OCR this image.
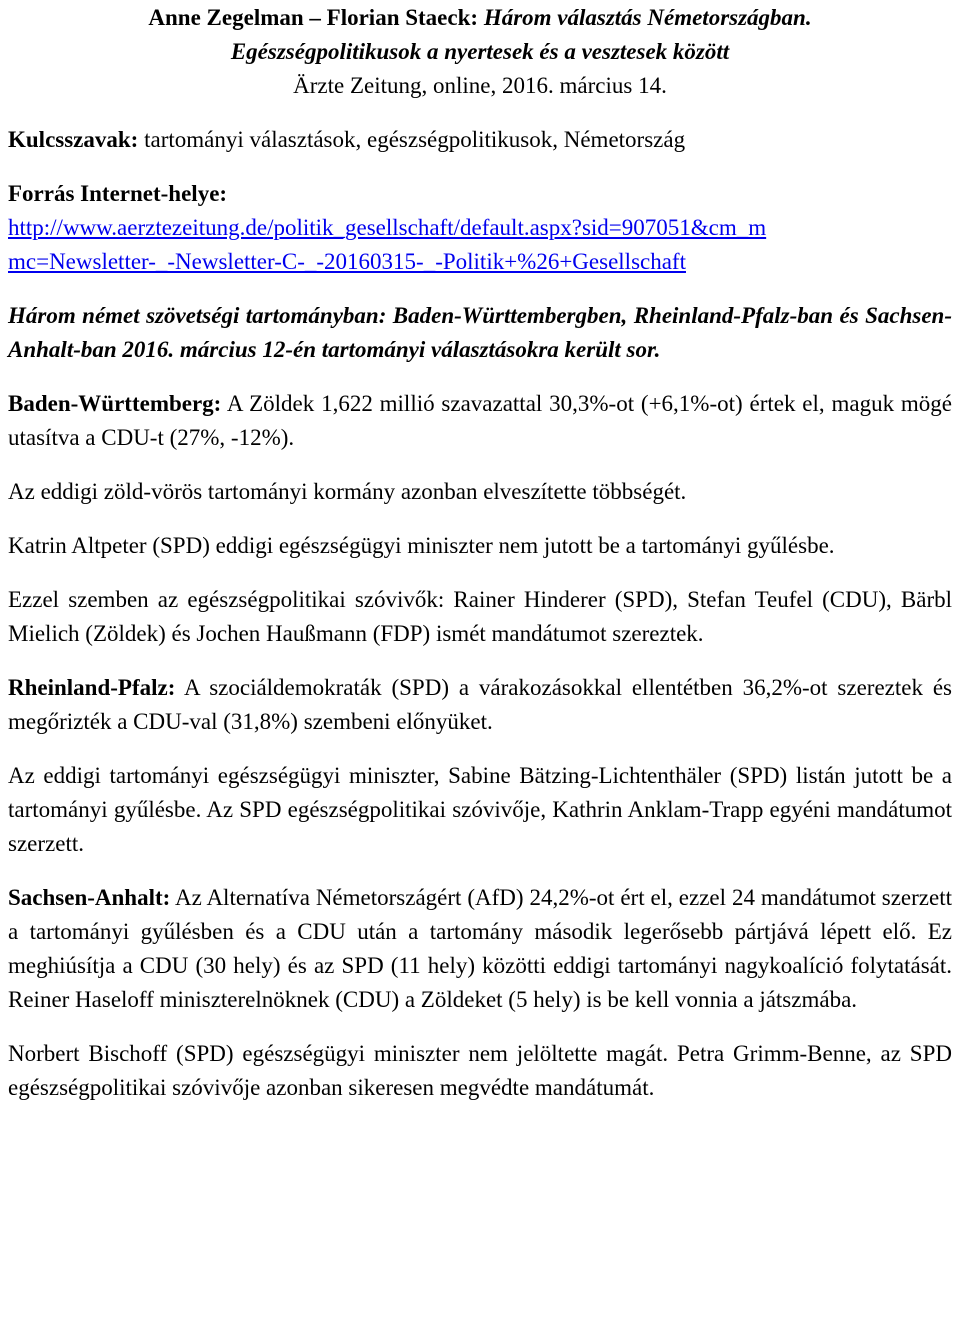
Anne Zegelman – Florian Staeck: Három választás Németországban.
Egészségpolitikusok a nyertesek és a vesztesek között
Ärzte Zeitung, online, 2016. március 14.
Kulcsszavak: tartományi választások, egészségpolitikusok, Németország
Forrás Internet-helye:
http://www.aerztezeitung.de/politik_gesellschaft/default.aspx?sid=907051&cm_m
mc=Newsletter-_-Newsletter-C-_-20160315-_-Politik+%26+Gesellschaft
Három német szövetségi tartományban: Baden-Württembergben, Rheinland-Pfalz-ban és Sachsen-Anhalt-ban 2016. március 12-én tartományi választásokra került sor.

Baden-Württemberg: A Zöldek 1,622 millió szavazattal 30,3%-ot (+6,1%-ot) értek el, maguk mögé utasítva a CDU-t (27%, -12%).

Az eddigi zöld-vörös tartományi kormány azonban elveszítette többségét.

Katrin Altpeter (SPD) eddigi egészségügyi miniszter nem jutott be a tartományi gyűlésbe.

Ezzel szemben az egészségpolitikai szóvivők: Rainer Hinderer (SPD), Stefan Teufel (CDU), Bärbl Mielich (Zöldek) és Jochen Haußmann (FDP) ismét mandátumot szereztek.

Rheinland-Pfalz: A szociáldemokraták (SPD) a várakozásokkal ellentétben 36,2%-ot szereztek és megőrizték a CDU-val (31,8%) szembeni előnyüket.

Az eddigi tartományi egészségügyi miniszter, Sabine Bätzing-Lichtenthäler (SPD) listán jutott be a tartományi gyűlésbe. Az SPD egészségpolitikai szóvivője, Kathrin Anklam-Trapp egyéni mandátumot szerzett.

Sachsen-Anhalt: Az Alternatíva Németországért (AfD) 24,2%-ot ért el, ezzel 24 mandátumot szerzett a tartományi gyűlésben és a CDU után a tartomány második legerősebb pártjává lépett elő. Ez meghiúsítja a CDU (30 hely) és az SPD (11 hely) közötti eddigi tartományi nagykoalíció folytatását. Reiner Haseloff miniszterelnöknek (CDU) a Zöldeket (5 hely) is be kell vonnia a játszmába.

Norbert Bischoff (SPD) egészségügyi miniszter nem jelöltette magát. Petra Grimm-Benne, az SPD egészségpolitikai szóvivője azonban sikeresen megvédte mandátumát.
